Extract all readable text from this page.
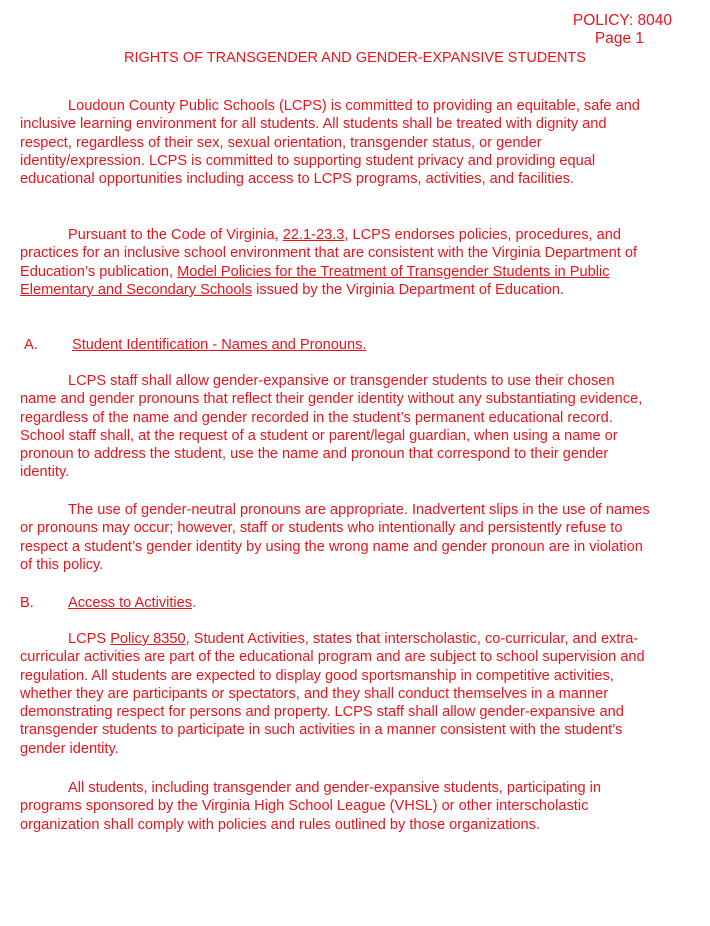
POLICY: 8040
Page 1
RIGHTS OF TRANSGENDER AND GENDER-EXPANSIVE STUDENTS
Loudoun County Public Schools (LCPS) is committed to providing an equitable, safe and inclusive learning environment for all students. All students shall be treated with dignity and respect, regardless of their sex, sexual orientation, transgender status, or gender identity/expression. LCPS is committed to supporting student privacy and providing equal educational opportunities including access to LCPS programs, activities, and facilities.
Pursuant to the Code of Virginia, 22.1-23.3, LCPS endorses policies, procedures, and practices for an inclusive school environment that are consistent with the Virginia Department of Education’s publication, Model Policies for the Treatment of Transgender Students in Public Elementary and Secondary Schools issued by the Virginia Department of Education.
A. Student Identification - Names and Pronouns.
LCPS staff shall allow gender-expansive or transgender students to use their chosen name and gender pronouns that reflect their gender identity without any substantiating evidence, regardless of the name and gender recorded in the student’s permanent educational record. School staff shall, at the request of a student or parent/legal guardian, when using a name or pronoun to address the student, use the name and pronoun that correspond to their gender identity.
The use of gender-neutral pronouns are appropriate. Inadvertent slips in the use of names or pronouns may occur; however, staff or students who intentionally and persistently refuse to respect a student’s gender identity by using the wrong name and gender pronoun are in violation of this policy.
B. Access to Activities.
LCPS Policy 8350, Student Activities, states that interscholastic, co-curricular, and extra-curricular activities are part of the educational program and are subject to school supervision and regulation. All students are expected to display good sportsmanship in competitive activities, whether they are participants or spectators, and they shall conduct themselves in a manner demonstrating respect for persons and property. LCPS staff shall allow gender-expansive and transgender students to participate in such activities in a manner consistent with the student’s gender identity.
All students, including transgender and gender-expansive students, participating in programs sponsored by the Virginia High School League (VHSL) or other interscholastic organization shall comply with policies and rules outlined by those organizations.
